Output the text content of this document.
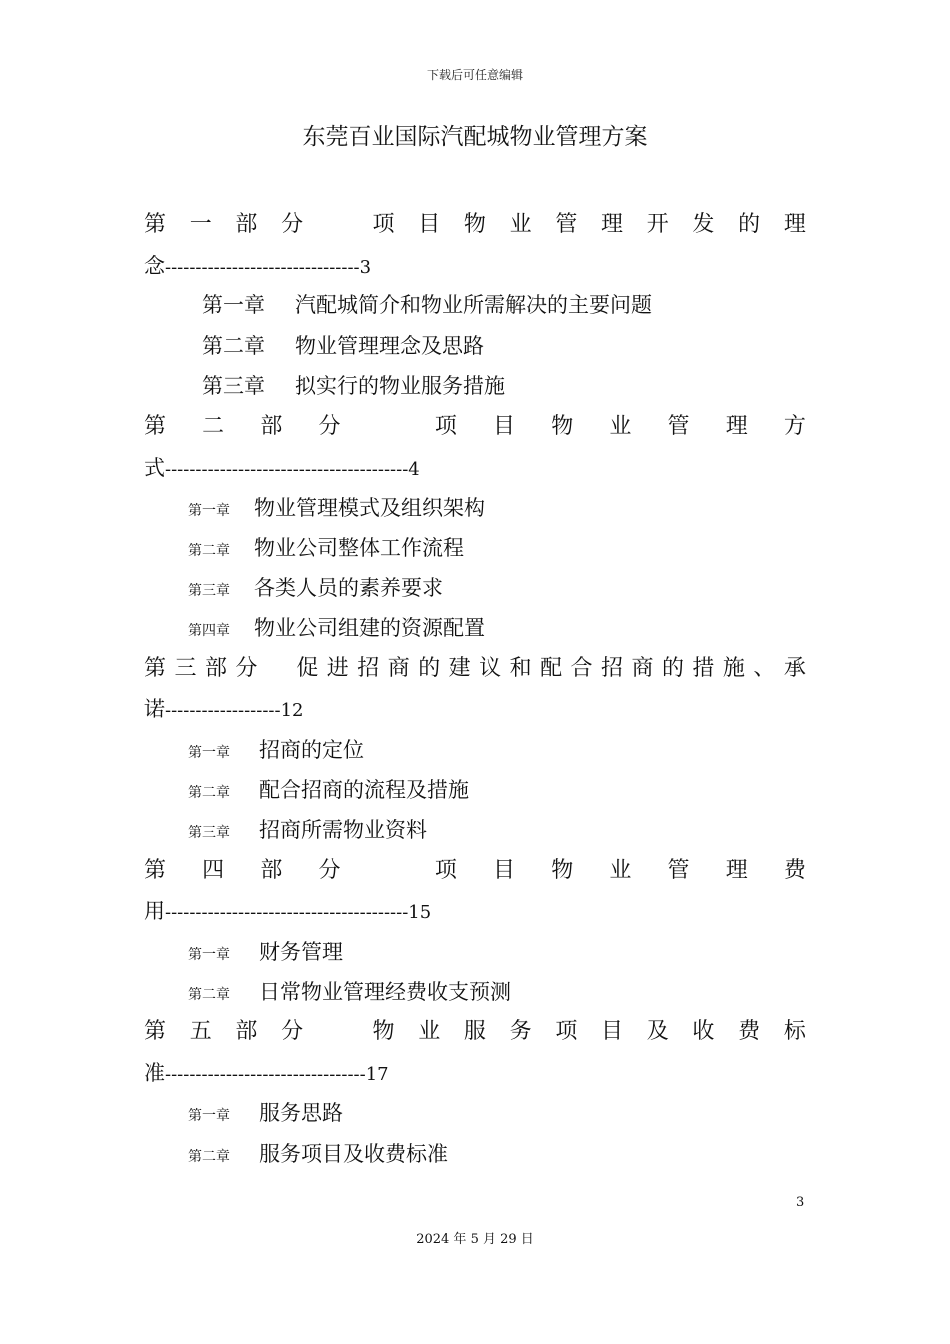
下载后可任意编辑
东莞百业国际汽配城物业管理方案
第 一 部 分	项 目 物 业 管 理 开 发 的 理
念--------------------------------3
第一章 汽配城简介和物业所需解决的主要问题
第二章 物业管理理念及思路
第三章 拟实行的物业服务措施
第 二 部 分	项 目 物 业 管 理 方
式----------------------------------------4
第一章 物业管理模式及组织架构
第二章 物业公司整体工作流程
第三章 各类人员的素养要求
第四章 物业公司组建的资源配置
第 三 部 分 促 进 招 商 的 建 议 和 配 合 招 商 的 措 施 、 承
诺-------------------12
第一章 招商的定位
第二章 配合招商的流程及措施
第三章 招商所需物业资料
第 四 部 分	项 目 物 业 管 理 费
用----------------------------------------15
第一章 财务管理
第二章 日常物业管理经费收支预测
第 五 部 分	物 业 服 务 项 目 及 收 费 标
准---------------------------------17
第一章 服务思路
第二章 服务项目及收费标准
3
2024 年 5 月 29 日
